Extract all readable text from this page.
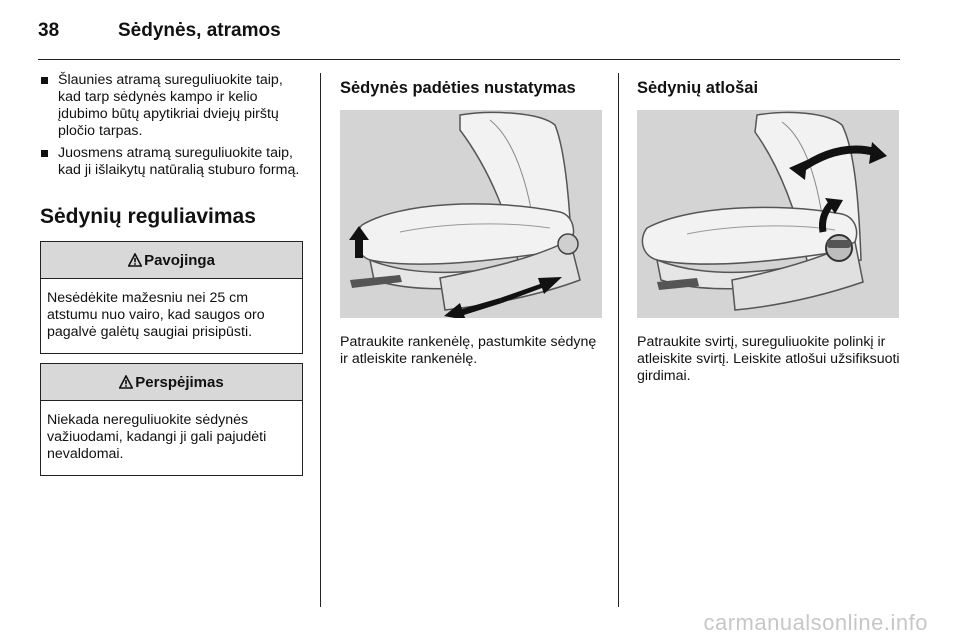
38	Sėdynės, atramos
Šlaunies atramą sureguliuokite taip, kad tarp sėdynės kampo ir kelio įdubimo būtų apytikriai dviejų pirštų pločio tarpas.
Juosmens atramą sureguliuokite taip, kad ji išlaikytų natūralią stuburo formą.
Sėdynių reguliavimas
Pavojinga
Nesėdėkite mažesniu nei 25 cm atstumu nuo vairo, kad saugos oro pagalvė galėtų saugiai prisipūsti.
Perspėjimas
Niekada nereguliuokite sėdynės važiuodami, kadangi ji gali pajudėti nevaldomai.
Sėdynės padėties nustatymas
Patraukite rankenėlę, pastumkite sėdynę ir atleiskite rankenėlę.
Sėdynių atlošai
Patraukite svirtį, sureguliuokite polinkį ir atleiskite svirtį. Leiskite atlošui užsifiksuoti girdimai.
carmanualsonline.info
